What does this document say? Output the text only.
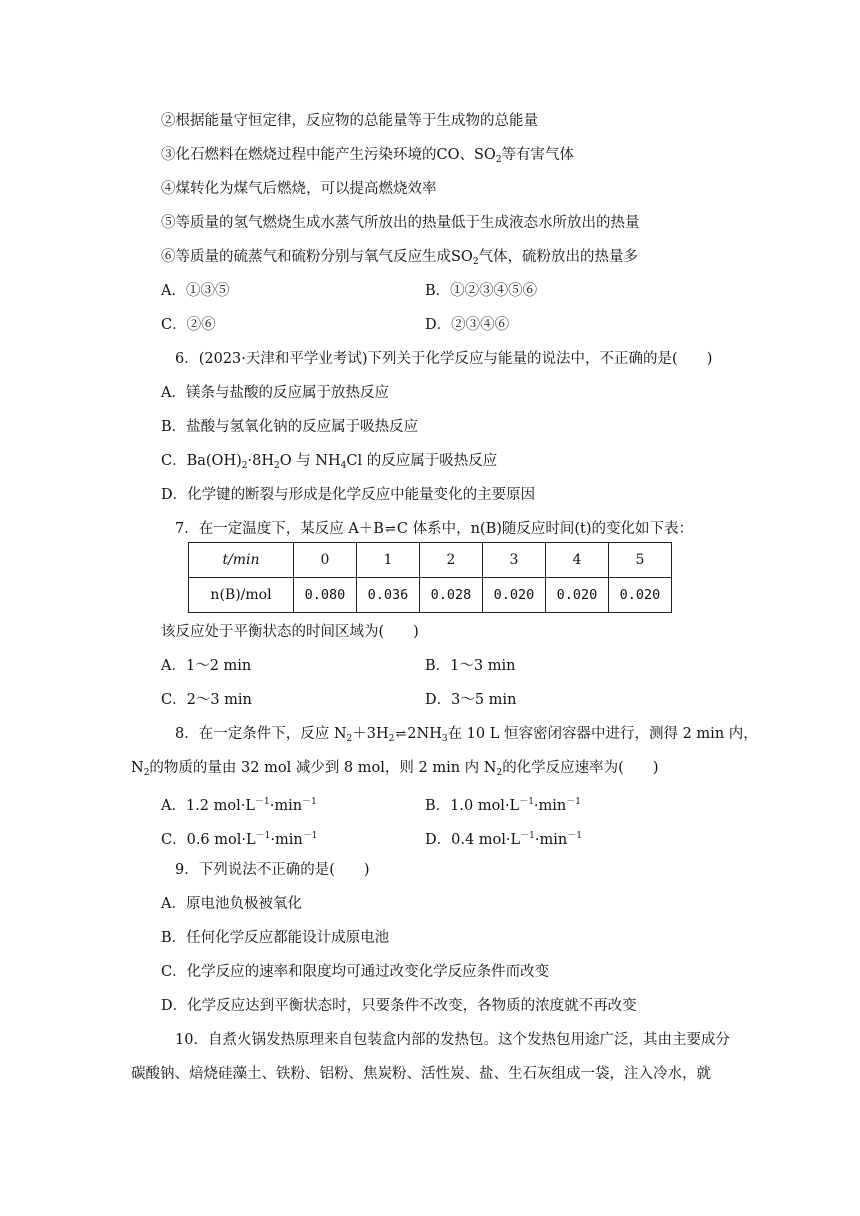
②根据能量守恒定律，反应物的总能量等于生成物的总能量
③化石燃料在燃烧过程中能产生污染环境的CO、$SO_2$等有害气体
④煤转化为煤气后燃烧，可以提高燃烧效率
⑤等质量的氢气燃烧生成水蒸气所放出的热量低于生成液态水所放出的热量
⑥等质量的硫蒸气和硫粉分别与氧气反应生成$SO_2$气体，硫粉放出的热量多
A．①③⑤	B．①②③④⑤⑥
C．②⑥	D．②③④⑥
6．(2023·天津和平学业考试)下列关于化学反应与能量的说法中，不正确的是(　　)
A．镁条与盐酸的反应属于放热反应
B．盐酸与氢氧化钠的反应属于吸热反应
C．$Ba(OH)_2\cdot 8H_2O$ 与 $NH_4Cl$ 的反应属于吸热反应
D．化学键的断裂与形成是化学反应中能量变化的主要原因
7．在一定温度下，某反应 A＋B⇌C 体系中，n(B)随反应时间(t)的变化如下表：
t/min	0	1	2	3	4	5
n(B)/mol	0.080	0.036	0.028	0.020	0.020	0.020
该反应处于平衡状态的时间区域为(　　)
A．1～2 min	B．1～3 min
C．2～3 min	D．3～5 min
8．在一定条件下，反应 $N_2+3H_2\rightleftharpoons 2NH_3$在 10 L 恒容密闭容器中进行，测得 2 min 内，
$N_2$的物质的量由 32 mol 减少到 8 mol，则 2 min 内 $N_2$的化学反应速率为(　　)
A．1.2 $mol\cdot L^{-1}\cdot\min^{-1}$	B．1.0 $mol\cdot L^{-1}\cdot\min^{-1}$
C．0.6 $mol\cdot L^{-1}\cdot\min^{-1}$	D．0.4 $mol\cdot L^{-1}\cdot\min^{-1}$
9．下列说法不正确的是(　　)
A．原电池负极被氧化
B．任何化学反应都能设计成原电池
C．化学反应的速率和限度均可通过改变化学反应条件而改变
D．化学反应达到平衡状态时，只要条件不改变，各物质的浓度就不再改变
10．自煮火锅发热原理来自包装盒内部的发热包。这个发热包用途广泛，其由主要成分
碳酸钠、焙烧硅藻土、铁粉、铝粉、焦炭粉、活性炭、盐、生石灰组成一袋，注入冷水，就
